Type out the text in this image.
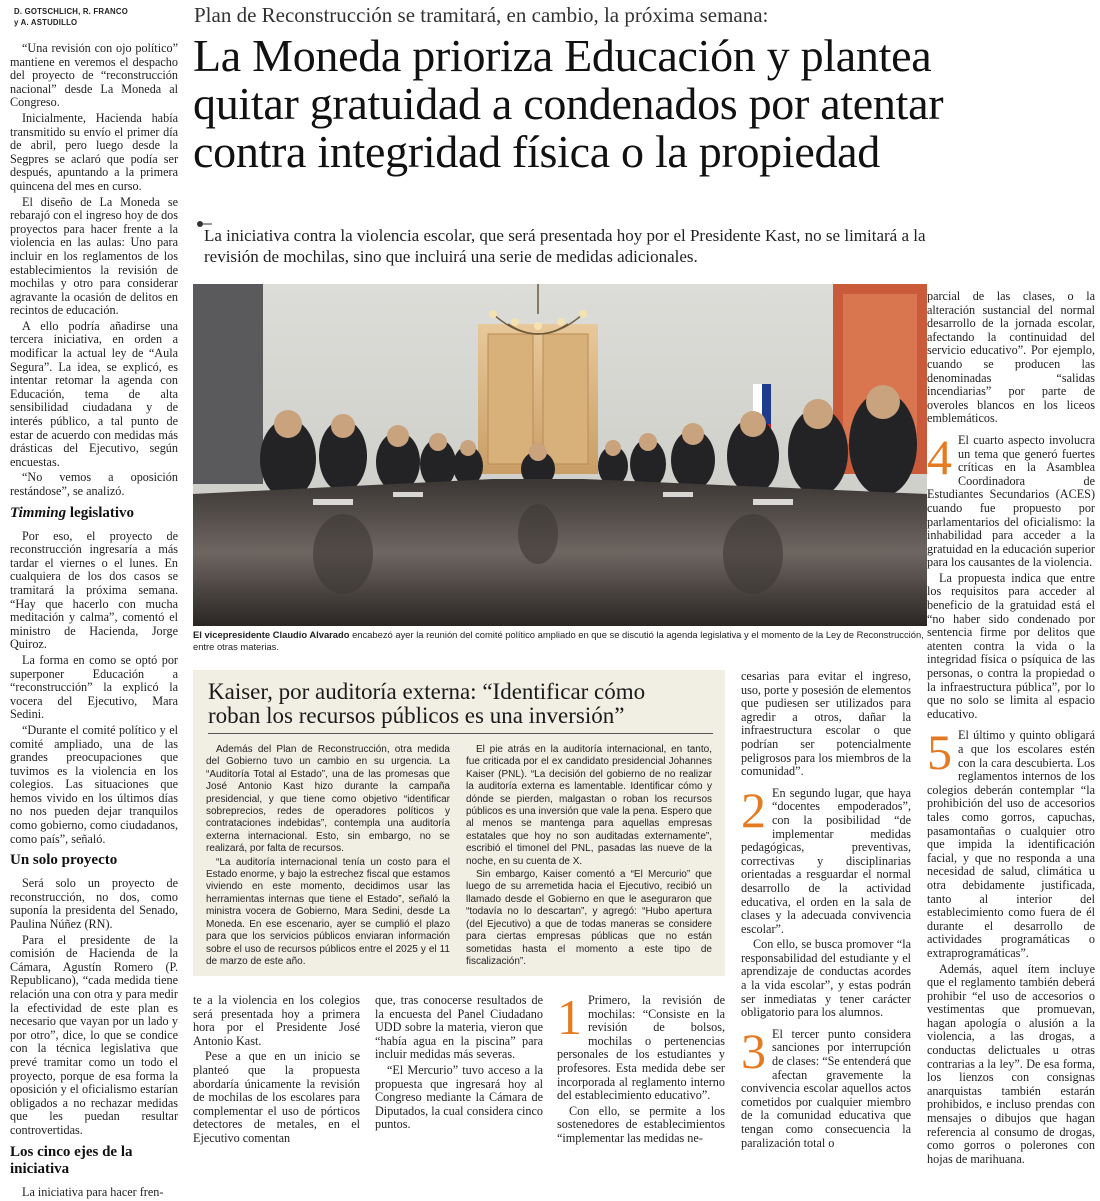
D. GOTSCHLICH, R. FRANCO
y A. ASTUDILLO	Plan de Reconstrucción se tramitará, en cambio, la próxima semana:
La Moneda prioriza Educación y plantea
quitar gratuidad a condenados por atentar
contra integridad física o la propiedad
La iniciativa contra la violencia escolar, que será presentada hoy por el Presidente Kast, no se limitará a la
revisión de mochilas, sino que incluirá una serie de medidas adicionales.

“Una revisión con ojo político” mantiene en veremos el despacho del proyecto de “reconstrucción nacional” desde La Moneda al Congreso.

Inicialmente, Hacienda había transmitido su envío el primer día de abril, pero luego desde la Segpres se aclaró que podía ser después, apuntando a la primera quincena del mes en curso.

El diseño de La Moneda se rebarajó con el ingreso hoy de dos proyectos para hacer frente a la violencia en las aulas: Uno para incluir en los reglamentos de los establecimientos la revisión de mochilas y otro para considerar agravante la ocasión de delitos en recintos de educación.

A ello podría añadirse una tercera iniciativa, en orden a modificar la actual ley de “Aula Segura”. La idea, se explicó, es intentar retomar la agenda con Educación, tema de alta sensibilidad ciudadana y de interés público, a tal punto de estar de acuerdo con medidas más drásticas del Ejecutivo, según encuestas.

“No vemos a oposición restándose”, se analizó.

Timming legislativo

Por eso, el proyecto de reconstrucción ingresaría a más tardar el viernes o el lunes. En cualquiera de los dos casos se tramitará la próxima semana. “Hay que hacerlo con mucha meditación y calma”, comentó el ministro de Hacienda, Jorge Quiroz.

La forma en como se optó por superponer Educación a “reconstrucción” la explicó la vocera del Ejecutivo, Mara Sedini.

“Durante el comité político y el comité ampliado, una de las grandes preocupaciones que tuvimos es la violencia en los colegios. Las situaciones que hemos vivido en los últimos días no nos pueden dejar tranquilos como gobierno, como ciudadanos, como país”, señaló.

Un solo proyecto

Será solo un proyecto de reconstrucción, no dos, como suponía la presidenta del Senado, Paulina Núñez (RN).

Para el presidente de la comisión de Hacienda de la Cámara, Agustín Romero (P. Republicano), “cada medida tiene relación una con otra y para medir la efectividad de este plan es necesario que vayan por un lado y por otro”, dice, lo que se condice con la técnica legislativa que prevé tramitar como un todo el proyecto, porque de esa forma la oposición y el oficialismo estarían obligados a no rechazar medidas que les puedan resultar controvertidas.

Los cinco ejes de la iniciativa

La iniciativa para hacer fren-

El vicepresidente Claudio Alvarado encabezó ayer la reunión del comité político ampliado en que se discutió la agenda legislativa y el momento de la Ley de Reconstrucción, entre otras materias.
Kaiser, por auditoría externa: “Identificar cómo
roban los recursos públicos es una inversión”

Además del Plan de Reconstrucción, otra medida del Gobierno tuvo un cambio en su urgencia. La “Auditoría Total al Estado”, una de las promesas que José Antonio Kast hizo durante la campaña presidencial, y que tiene como objetivo “identificar sobreprecios, redes de operadores políticos y contrataciones indebidas”, contempla una auditoría externa internacional. Esto, sin embargo, no se realizará, por falta de recursos.

“La auditoría internacional tenía un costo para el Estado enorme, y bajo la estrechez fiscal que estamos viviendo en este momento, decidimos usar las herramientas internas que tiene el Estado”, señaló la ministra vocera de Gobierno, Mara Sedini, desde La Moneda. En ese escenario, ayer se cumplió el plazo para que los servicios públicos enviaran información sobre el uso de recursos públicos entre el 2025 y el 11 de marzo de este año.

El pie atrás en la auditoría internacional, en tanto, fue criticada por el ex candidato presidencial Johannes Kaiser (PNL). “La decisión del gobierno de no realizar la auditoría externa es lamentable. Identificar cómo y dónde se pierden, malgastan o roban los recursos públicos es una inversión que vale la pena. Espero que al menos se mantenga para aquellas empresas estatales que hoy no son auditadas externamente”, escribió el timonel del PNL, pasadas las nueve de la noche, en su cuenta de X.

Sin embargo, Kaiser comentó a “El Mercurio” que luego de su arremetida hacia el Ejecutivo, recibió un llamado desde el Gobierno en que le aseguraron que “todavía no lo descartan”, y agregó: “Hubo apertura (del Ejecutivo) a que de todas maneras se considere para ciertas empresas públicas que no están sometidas hasta el momento a este tipo de fiscalización”.

te a la violencia en los colegios será presentada hoy a primera hora por el Presidente José Antonio Kast.

Pese a que en un inicio se planteó que la propuesta abordaría únicamente la revisión de mochilas de los escolares para complementar el uso de pórticos detectores de metales, en el Ejecutivo comentan

que, tras conocerse resultados de la encuesta del Panel Ciudadano UDD sobre la materia, vieron que “había agua en la piscina” para incluir medidas más severas.

“El Mercurio” tuvo acceso a la propuesta que ingresará hoy al Congreso mediante la Cámara de Diputados, la cual considera cinco puntos.

1 Primero, la revisión de mochilas: “Consiste en la revisión de bolsos, mochilas o pertenencias personales de los estudiantes y profesores. Esta medida debe ser incorporada al reglamento interno del establecimiento educativo”.

Con ello, se permite a los sostenedores de establecimientos “implementar las medidas ne-

cesarias para evitar el ingreso, uso, porte y posesión de elementos que pudiesen ser utilizados para agredir a otros, dañar la infraestructura escolar o que podrían ser potencialmente peligrosos para los miembros de la comunidad”.

2 En segundo lugar, que haya “docentes empoderados”, con la posibilidad “de implementar medidas pedagógicas, preventivas, correctivas y disciplinarias orientadas a resguardar el normal desarrollo de la actividad educativa, el orden en la sala de clases y la adecuada convivencia escolar”.

Con ello, se busca promover “la responsabilidad del estudiante y el aprendizaje de conductas acordes a la vida escolar”, y estas podrán ser inmediatas y tener carácter obligatorio para los alumnos.

3 El tercer punto considera sanciones por interrupción de clases: “Se entenderá que afectan gravemente la convivencia escolar aquellos actos cometidos por cualquier miembro de la comunidad educativa que tengan como consecuencia la paralización total o

parcial de las clases, o la alteración sustancial del normal desarrollo de la jornada escolar, afectando la continuidad del servicio educativo”. Por ejemplo, cuando se producen las denominadas “salidas incendiarias” por parte de overoles blancos en los liceos emblemáticos.

4 El cuarto aspecto involucra un tema que generó fuertes críticas en la Asamblea Coordinadora de Estudiantes Secundarios (ACES) cuando fue propuesto por parlamentarios del oficialismo: la inhabilidad para acceder a la gratuidad en la educación superior para los causantes de la violencia.

La propuesta indica que entre los requisitos para acceder al beneficio de la gratuidad está el “no haber sido condenado por sentencia firme por delitos que atenten contra la vida o la integridad física o psíquica de las personas, o contra la propiedad o la infraestructura pública”, por lo que no solo se limita al espacio educativo.

5 El último y quinto obligará a que los escolares estén con la cara descubierta. Los reglamentos internos de los colegios deberán contemplar “la prohibición del uso de accesorios tales como gorros, capuchas, pasamontañas o cualquier otro que impida la identificación facial, y que no responda a una necesidad de salud, climática u otra debidamente justificada, tanto al interior del establecimiento como fuera de él durante el desarrollo de actividades programáticas o extraprogramáticas”.

Además, aquel ítem incluye que el reglamento también deberá prohibir “el uso de accesorios o vestimentas que promuevan, hagan apología o alusión a la violencia, a las drogas, a conductas delictuales u otras contrarias a la ley”. De esa forma, los lienzos con consignas anarquistas también estarán prohibidos, e incluso prendas con mensajes o dibujos que hagan referencia al consumo de drogas, como gorros o polerones con hojas de marihuana.
